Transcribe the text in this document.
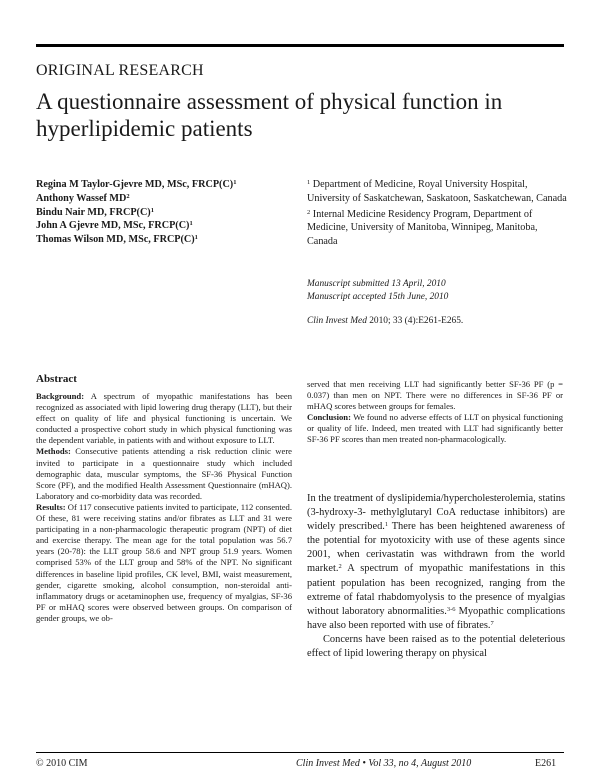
ORIGINAL RESEARCH
A questionnaire assessment of physical function in hyperlipidemic patients
Regina M Taylor-Gjevre MD, MSc, $FRCP(C)^1$
Anthony Wassef $MD^2$
Bindu Nair MD, $FRCP(C)^1$
John A Gjevre MD, MSc, $FRCP(C)^1$
Thomas Wilson MD, MSc, $FRCP(C)^1$
$^1$ Department of Medicine, Royal University Hospital, University of Saskatchewan, Saskatoon, Saskatchewan, Canada
$^2$ Internal Medicine Residency Program, Department of Medicine, University of Manitoba, Winnipeg, Manitoba, Canada
Manuscript submitted 13 April, 2010
Manuscript accepted 15th June, 2010
Clin Invest Med 2010; 33 (4):E261-E265.
Abstract

Background: A spectrum of myopathic manifestations has been recognized as associated with lipid lowering drug therapy (LLT), but their effect on quality of life and physical functioning is uncertain. We conducted a prospective cohort study in which physical functioning was the dependent variable, in patients with and without exposure to LLT.

Methods: Consecutive patients attending a risk reduction clinic were invited to participate in a questionnaire study which included demographic data, muscular symptoms, the SF-36 Physical Function Score (PF), and the modified Health Assessment Questionnaire (mHAQ). Laboratory and co-morbidity data was recorded.

Results: Of 117 consecutive patients invited to participate, 112 consented. Of these, 81 were receiving statins and/or fibrates as LLT and 31 were participating in a non-pharmacologic therapeutic program (NPT) of diet and exercise therapy. The mean age for the total population was 56.7 years (20-78): the LLT group 58.6 and NPT group 51.9 years. Women comprised 53% of the LLT group and 58% of the NPT. No significant differences in baseline lipid profiles, CK level, BMI, waist measurement, gender, cigarette smoking, alcohol consumption, non-steroidal anti-inflammatory drugs or acetaminophen use, frequency of myalgias, SF-36 PF or mHAQ scores were observed between groups. On comparison of gender groups, we ob-

served that men receiving LLT had significantly better SF-36 PF (p = 0.037) than men on NPT. There were no differences in SF-36 PF or mHAQ scores between groups for females.

Conclusion: We found no adverse effects of LLT on physical functioning or quality of life. Indeed, men treated with LLT had significantly better SF-36 PF scores than men treated non-pharmacologically.

In the treatment of dyslipidemia/hypercholesterolemia, statins (3-hydroxy-3- methylglutaryl CoA reductase inhibitors) are widely prescribed.$^1$ There has been heightened awareness of the potential for myotoxicity with use of these agents since 2001, when cerivastatin was withdrawn from the world market.$^2$ A spectrum of myopathic manifestations in this patient population has been recognized, ranging from the extreme of fatal rhabdomyolysis to the presence of myalgias without laboratory abnormalities.$^{3-6}$ Myopathic complications have also been reported with use of fibrates.$^7$

Concerns have been raised as to the potential deleterious effect of lipid lowering therapy on physical

© 2010 CIM	Clin Invest Med • Vol 33, no 4, August 2010	E261
